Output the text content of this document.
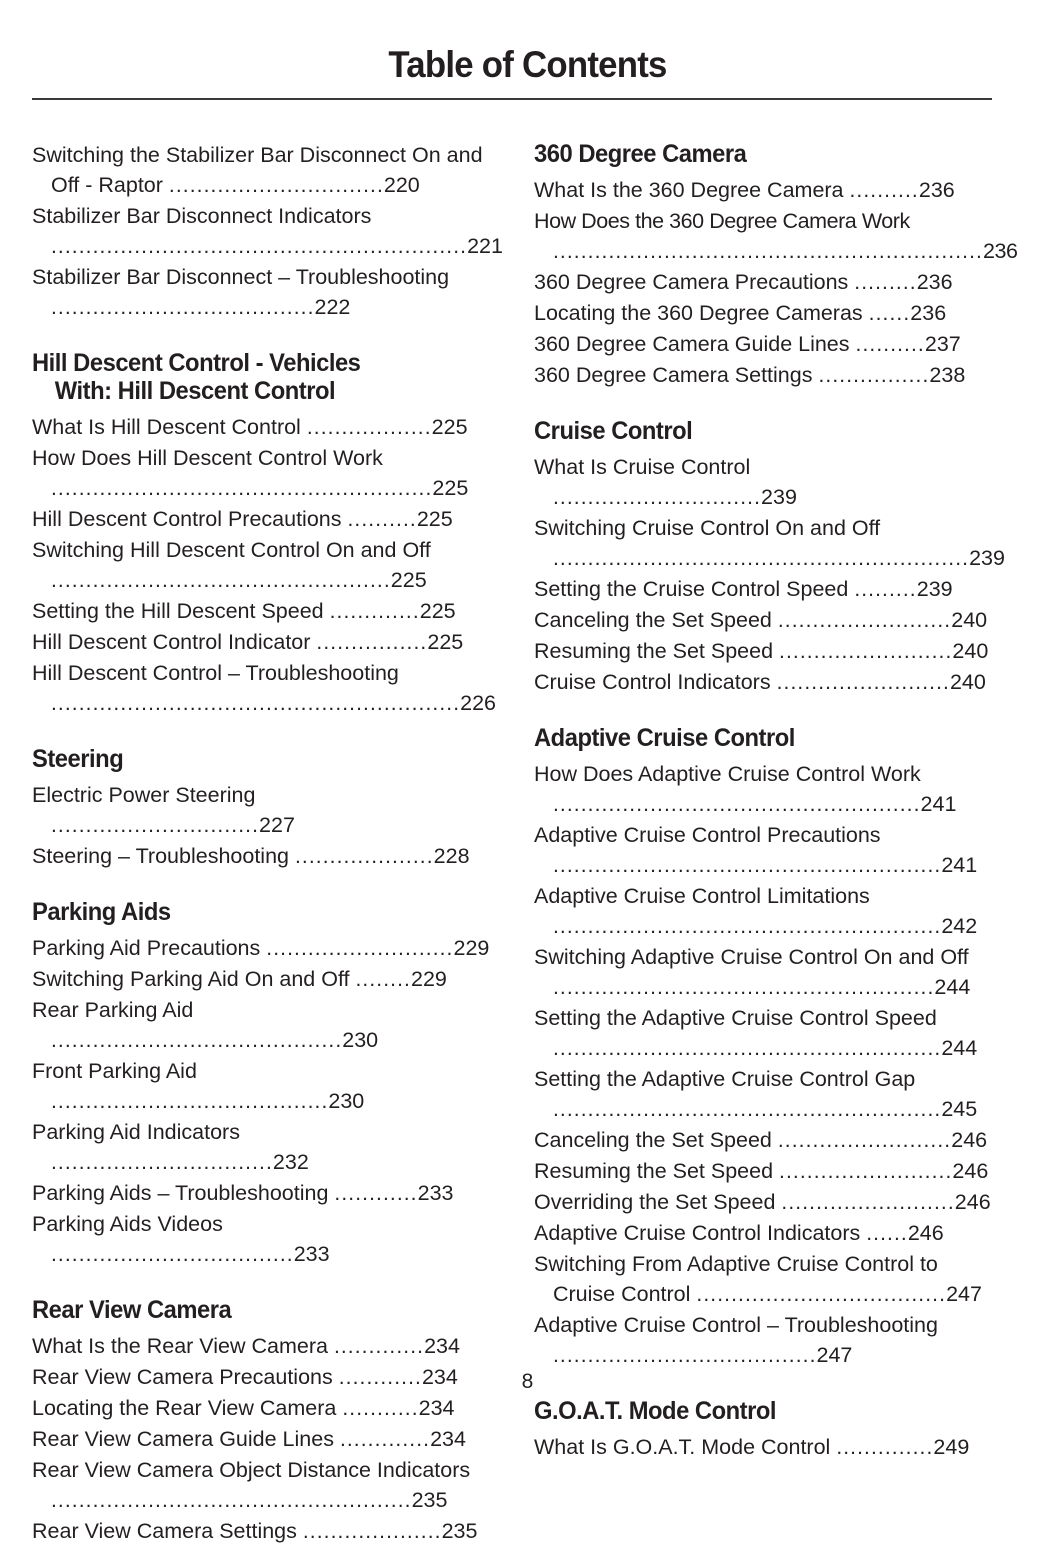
Table of Contents
Switching the Stabilizer Bar Disconnect On and Off - Raptor ...............................220
Stabilizer Bar Disconnect Indicators ............................................................221
Stabilizer Bar Disconnect – Troubleshooting ......................................222
Hill Descent Control - Vehicles
With: Hill Descent Control
What Is Hill Descent Control ..................225
How Does Hill Descent Control Work .......................................................225
Hill Descent Control Precautions ..........225
Switching Hill Descent Control On and Off .................................................225
Setting the Hill Descent Speed .............225
Hill Descent Control Indicator ................225
Hill Descent Control – Troubleshooting ...........................................................226
Steering
Electric Power Steering ..............................227
Steering – Troubleshooting ....................228
Parking Aids
Parking Aid Precautions ...........................229
Switching Parking Aid On and Off ........229
Rear Parking Aid ..........................................230
Front Parking Aid ........................................230
Parking Aid Indicators ................................232
Parking Aids – Troubleshooting ............233
Parking Aids Videos ...................................233
Rear View Camera
What Is the Rear View Camera .............234
Rear View Camera Precautions ............234
Locating the Rear View Camera ...........234
Rear View Camera Guide Lines .............234
Rear View Camera Object Distance Indicators ....................................................235
Rear View Camera Settings ....................235
360 Degree Camera
What Is the 360 Degree Camera ..........236
How Does the 360 Degree Camera Work ..............................................................236
360 Degree Camera Precautions .........236
Locating the 360 Degree Cameras ......236
360 Degree Camera Guide Lines ..........237
360 Degree Camera Settings ................238
Cruise Control
What Is Cruise Control ..............................239
Switching Cruise Control On and Off ............................................................239
Setting the Cruise Control Speed .........239
Canceling the Set Speed .........................240
Resuming the Set Speed .........................240
Cruise Control Indicators .........................240
Adaptive Cruise Control
How Does Adaptive Cruise Control Work .....................................................241
Adaptive Cruise Control Precautions ........................................................241
Adaptive Cruise Control Limitations ........................................................242
Switching Adaptive Cruise Control On and Off .......................................................244
Setting the Adaptive Cruise Control Speed ........................................................244
Setting the Adaptive Cruise Control Gap ........................................................245
Canceling the Set Speed .........................246
Resuming the Set Speed .........................246
Overriding the Set Speed .........................246
Adaptive Cruise Control Indicators ......246
Switching From Adaptive Cruise Control to Cruise Control ....................................247
Adaptive Cruise Control – Troubleshooting ......................................247
G.O.A.T. Mode Control
What Is G.O.A.T. Mode Control ..............249
8
